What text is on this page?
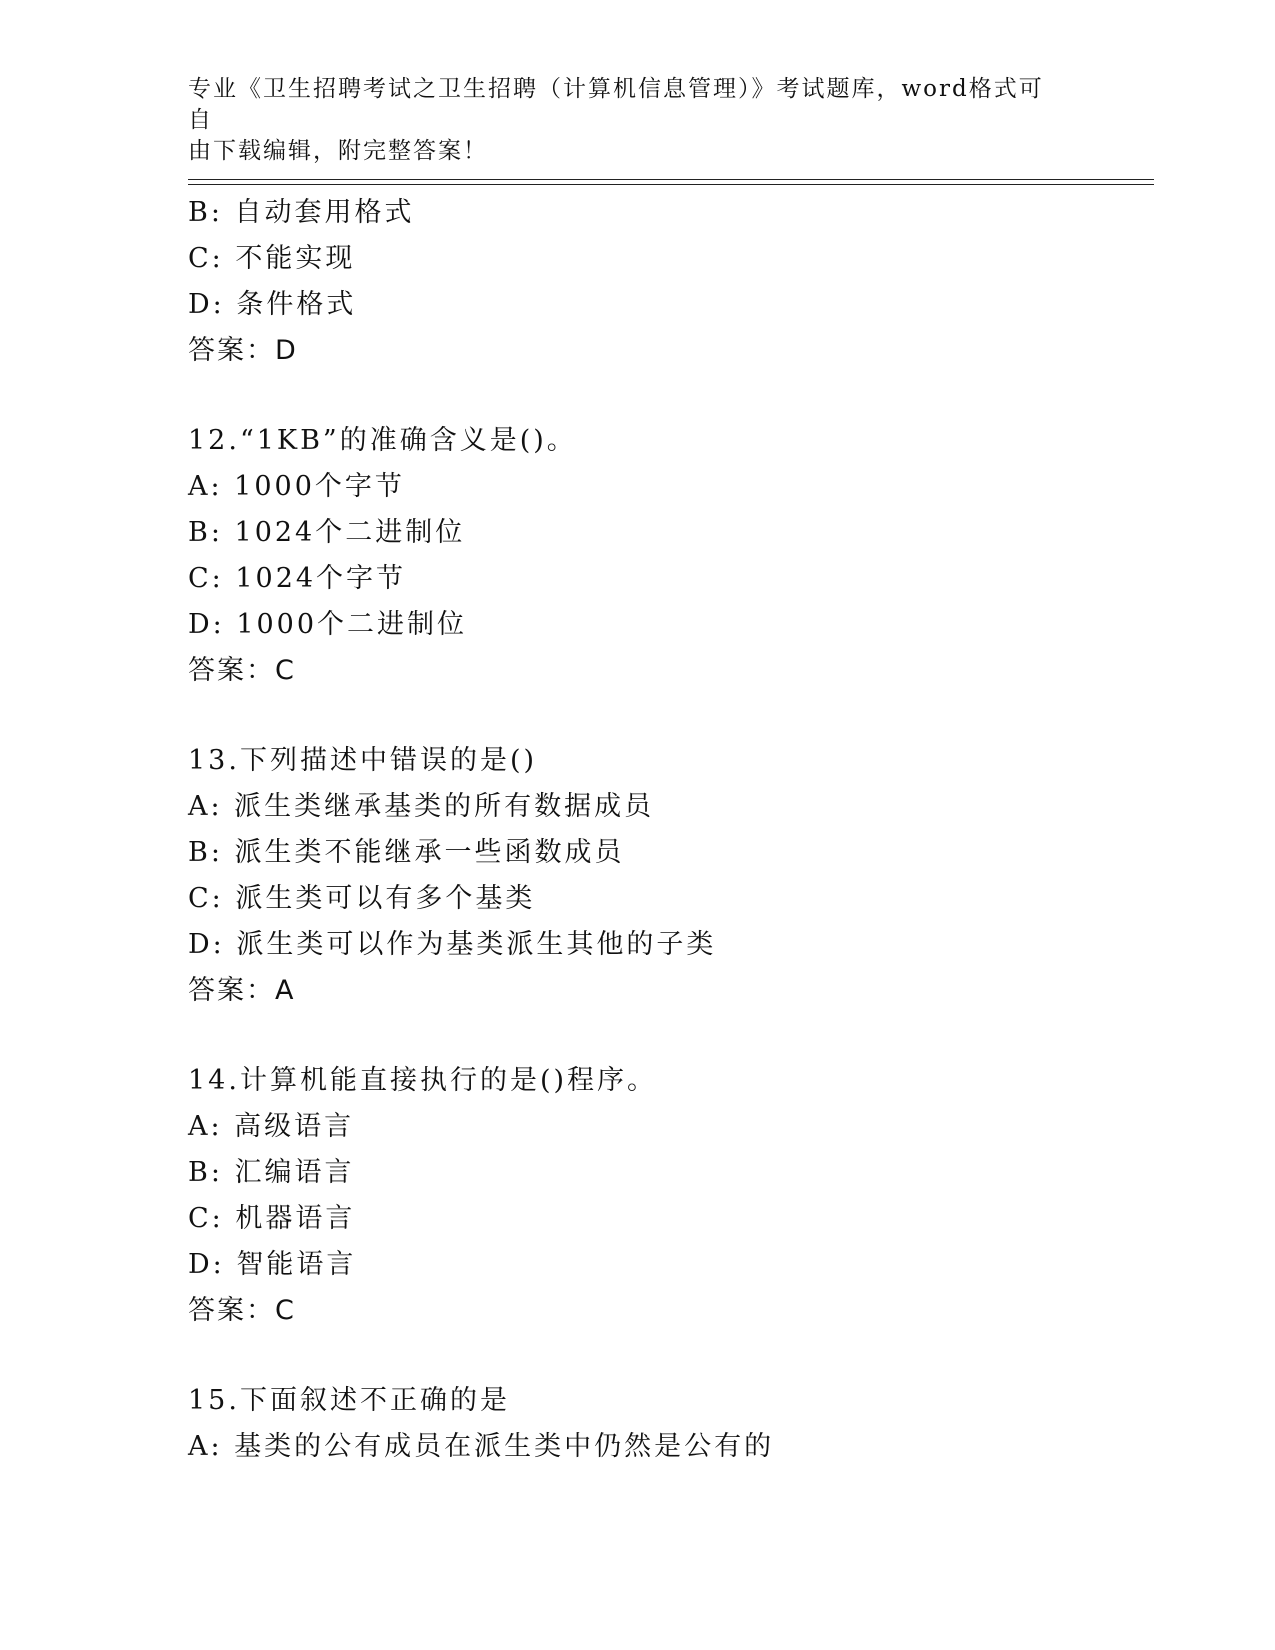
专业《卫生招聘考试之卫生招聘（计算机信息管理）》考试题库，word格式可自
由下载编辑，附完整答案！
B: 自动套用格式
C: 不能实现
D: 条件格式
答案：D
12.“1KB”的准确含义是()。
A: 1000个字节
B: 1024个二进制位
C: 1024个字节
D: 1000个二进制位
答案：C
13.下列描述中错误的是()
A: 派生类继承基类的所有数据成员
B: 派生类不能继承一些函数成员
C: 派生类可以有多个基类
D: 派生类可以作为基类派生其他的子类
答案：A
14.计算机能直接执行的是()程序。
A: 高级语言
B: 汇编语言
C: 机器语言
D: 智能语言
答案：C
15.下面叙述不正确的是
A: 基类的公有成员在派生类中仍然是公有的
